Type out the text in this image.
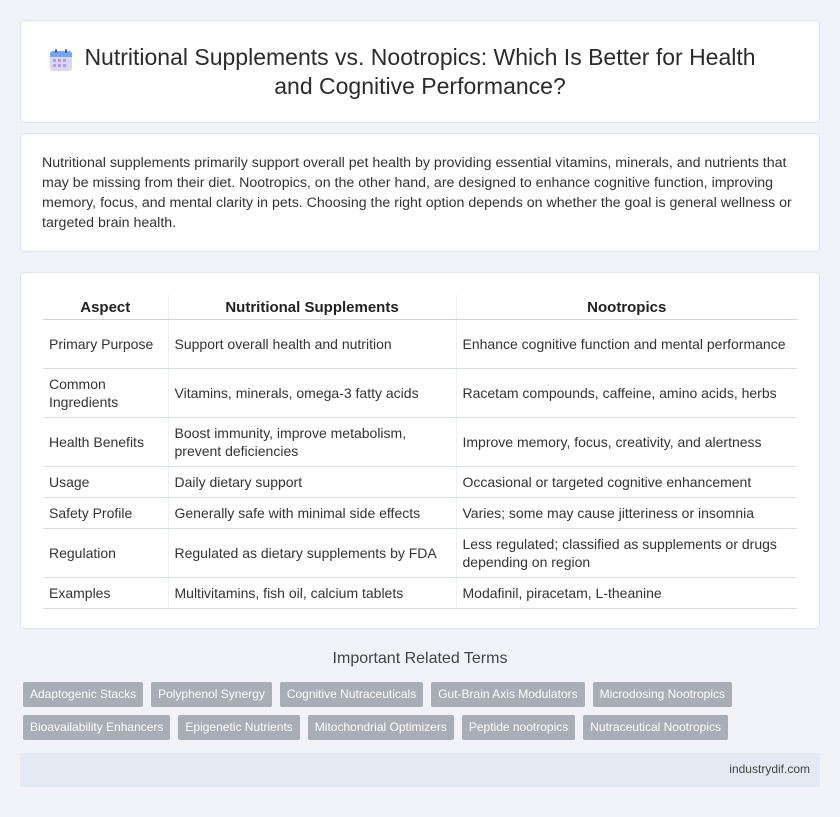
Nutritional Supplements vs. Nootropics: Which Is Better for Health and Cognitive Performance?

Nutritional supplements primarily support overall pet health by providing essential vitamins, minerals, and nutrients that may be missing from their diet. Nootropics, on the other hand, are designed to enhance cognitive function, improving memory, focus, and mental clarity in pets. Choosing the right option depends on whether the goal is general wellness or targeted brain health.

Aspect	Nutritional Supplements	Nootropics
Primary Purpose	Support overall health and nutrition	Enhance cognitive function and mental performance
Common Ingredients	Vitamins, minerals, omega-3 fatty acids	Racetam compounds, caffeine, amino acids, herbs
Health Benefits	Boost immunity, improve metabolism, prevent deficiencies	Improve memory, focus, creativity, and alertness
Usage	Daily dietary support	Occasional or targeted cognitive enhancement
Safety Profile	Generally safe with minimal side effects	Varies; some may cause jitteriness or insomnia
Regulation	Regulated as dietary supplements by FDA	Less regulated; classified as supplements or drugs depending on region
Examples	Multivitamins, fish oil, calcium tablets	Modafinil, piracetam, L-theanine
Important Related Terms
Adaptogenic Stacks	Polyphenol Synergy	Cognitive Nutraceuticals	Gut-Brain Axis Modulators	Microdosing Nootropics
Bioavailability Enhancers	Epigenetic Nutrients	Mitochondrial Optimizers	Peptide nootropics	Nutraceutical Nootropics
industrydif.com
